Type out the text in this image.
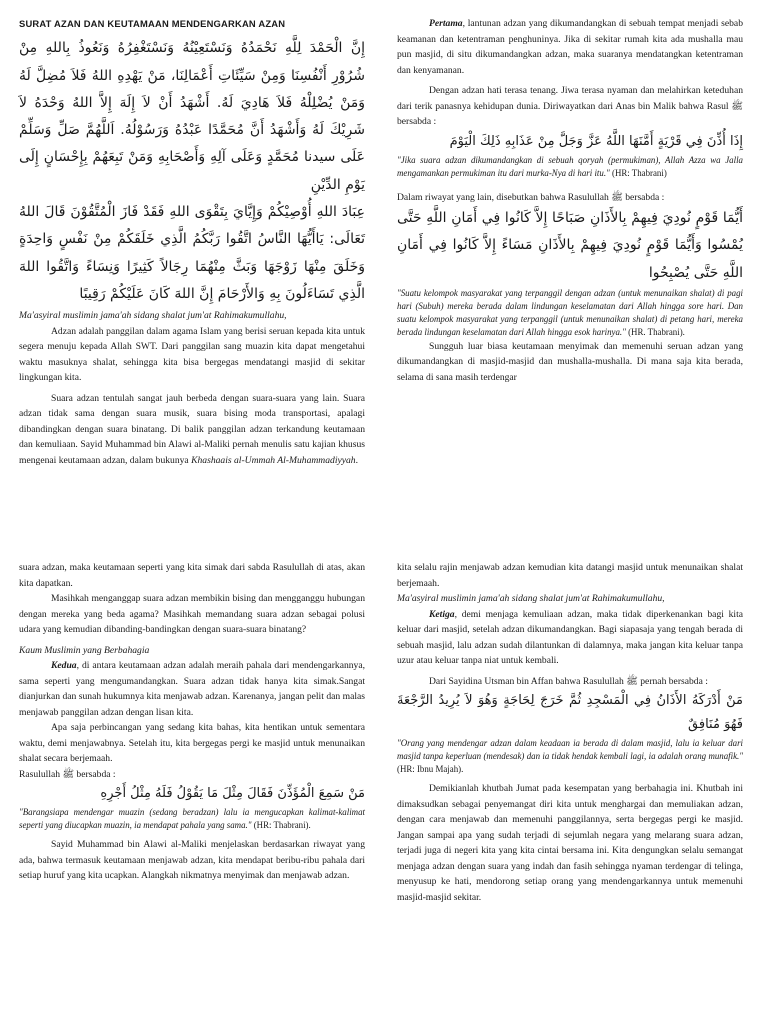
SURAT AZAN DAN KEUTAMAAN MENDENGARKAN AZAN

إِنَّ الْحَمْدَ لِلَّهِ نَحْمَدُهُ وَنَسْتَعِيْنُهُ وَنَسْتَغْفِرُهُ وَنَعُوذُ بِاللهِ مِنْ شُرُوْرِ أَنْفُسِنَا وَمِنْ سَيِّئَاتِ أَعْمَالِنَا، مَنْ يَهْدِهِ اللهُ فَلاَ مُضِلَّ لَهُ وَمَنْ يُضْلِلْهُ فَلاَ هَادِيَ لَهُ. أَشْهَدُ أَنْ لاَ إِلَهَ إِلاَّ اللهُ وَحْدَهُ لاَ شَرِيْكَ لَهُ وَأَشْهَدُ أَنَّ مُحَمَّدًا عَبْدُهُ وَرَسُوْلُهُ. اَللَّهُمَّ صَلِّ وَسَلِّمْ عَلَى سيدنا مُحَمَّدٍ وَعَلَى آلِهِ وَأَصْحَابِهِ وَمَنْ تَبِعَهُمْ بِإِحْسَانٍ إِلَى يَوْمِ الدِّيْنِ

عِبَادَ اللهِ أُوْصِيْكُمْ وَإِيَّايَ بِتَقْوَى اللهِ فَقَدْ فَازَ الْمُتَّقُوْنَ قَالَ اللهُ تَعَالَى: يَاأَيُّهَا النَّاسُ اتَّقُوا رَبَّكُمُ الَّذِي خَلَقَكُمْ مِنْ نَفْسٍ وَاحِدَةٍ وَخَلَقَ مِنْهَا زَوْجَهَا وَبَثَّ مِنْهُمَا رِجَالاً كَثِيرًا وَنِسَاءً وَاتَّقُوا اللهَ الَّذِي تَسَاءَلُونَ بِهِ وَالأَرْحَامَ إِنَّ اللهَ كَانَ عَلَيْكُمْ رَقِيبًا

Ma'asyiral muslimin jama'ah sidang shalat jum'at Rahimakumullahu,

Adzan adalah panggilan dalam agama Islam yang berisi seruan kepada kita untuk segera menuju kepada Allah SWT. Dari panggilan sang muazin kita dapat mengetahui waktu masuknya shalat, sehingga kita bisa bergegas mendatangi masjid di sekitar lingkungan kita.

Suara adzan tentulah sangat jauh berbeda dengan suara-suara yang lain. Suara adzan tidak sama dengan suara musik, suara bising moda transportasi, apalagi dibandingkan dengan suara binatang. Di balik panggilan adzan terkandung keutamaan dan kemuliaan. Sayid Muhammad bin Alawi al-Maliki pernah menulis satu kajian khusus mengenai keutamaan adzan, dalam bukunya Khashaais al-Ummah Al-Muhammadiyyah.

Pertama, lantunan adzan yang dikumandangkan di sebuah tempat menjadi sebab keamanan dan ketentraman penghuninya. Jika di sekitar rumah kita ada mushalla mau pun masjid, di situ dikumandangkan adzan, maka suaranya mendatangkan ketentraman dan kenyamanan.

Dengan adzan hati terasa tenang. Jiwa terasa nyaman dan melahirkan keteduhan dari terik panasnya kehidupan dunia. Diriwayatkan dari Anas bin Malik bahwa Rasul ﷺ bersabda :

إِذَا أُذِّنَ فِي قَرْيَةٍ أَمَّنَهَا اللَّهُ عَزَّ وَجَلَّ مِنْ عَذَابِهِ ذَلِكَ الْيَوْمَ

"Jika suara adzan dikumandangkan di sebuah qoryah (permukiman), Allah Azza wa Jalla mengamankan permukiman itu dari murka-Nya di hari itu." (HR: Thabrani)

Dalam riwayat yang lain, disebutkan bahwa Rasulullah ﷺ bersabda :

أَيُّمَا قَوْمٍ نُودِيَ فِيهِمْ بِالأَذَانِ صَبَاحًا إِلاَّ كَانُوا فِي أَمَانِ اللَّهِ حَتَّى يُمْسُوا وَأَيُّمَا قَوْمٍ نُودِيَ فِيهِمْ بِالأَذَانِ مَسَاءً إِلاَّ كَانُوا فِي أَمَانِ اللَّهِ حَتَّى يُصْبِحُوا

"Suatu kelompok masyarakat yang terpanggil dengan adzan (untuk menunaikan shalat) di pagi hari (Subuh) mereka berada dalam lindungan keselamatan dari Allah hingga sore hari. Dan suatu kelompok masyarakat yang terpanggil (untuk menunaikan shalat) di petang hari, mereka berada lindungan keselamatan dari Allah hingga esok harinya." (HR. Thabrani).

Sungguh luar biasa keutamaan menyimak dan memenuhi seruan adzan yang dikumandangkan di masjid-masjid dan mushalla-mushalla. Di mana saja kita berada, selama di sana masih terdengar

suara adzan, maka keutamaan seperti yang kita simak dari sabda Rasulullah di atas, akan kita dapatkan.

Masihkah menganggap suara adzan membikin bising dan mengganggu hubungan dengan mereka yang beda agama? Masihkah memandang suara adzan sebagai polusi udara yang kemudian dibanding-bandingkan dengan suara-suara binatang?

Kaum Muslimin yang Berbahagia

Kedua, di antara keutamaan adzan adalah meraih pahala dari mendengarkannya, sama seperti yang mengumandangkan. Suara adzan tidak hanya kita simak.Sangat dianjurkan dan sunah hukumnya kita menjawab adzan. Karenanya, jangan pelit dan malas menjawab panggilan adzan dengan lisan kita.

Apa saja perbincangan yang sedang kita bahas, kita hentikan untuk sementara waktu, demi menjawabnya. Setelah itu, kita bergegas pergi ke masjid untuk menunaikan shalat secara berjemaah.

Rasulullah ﷺ bersabda :

مَنْ سَمِعَ الْمُؤَذِّنَ فَقَالَ مِثْلَ مَا يَقُوْلُ فَلَهُ مِثْلُ أَجْرِهِ

"Barangsiapa mendengar muazin (sedang beradzan) lalu ia mengucapkan kalimat-kalimat seperti yang diucapkan muazin, ia mendapat pahala yang sama." (HR: Thabrani).

Sayid Muhammad bin Alawi al-Maliki menjelaskan berdasarkan riwayat yang ada, bahwa termasuk keutamaan menjawab adzan, kita mendapat beribu-ribu pahala dari setiap huruf yang kita ucapkan. Alangkah nikmatnya menyimak dan menjawab adzan.

kita selalu rajin menjawab adzan kemudian kita datangi masjid untuk menunaikan shalat berjemaah.

Ma'asyiral muslimin jama'ah sidang shalat jum'at Rahimakumullahu,

Ketiga, demi menjaga kemuliaan adzan, maka tidak diperkenankan bagi kita keluar dari masjid, setelah adzan dikumandangkan. Bagi siapasaja yang tengah berada di sebuah masjid, lalu adzan sudah dilantunkan di dalamnya, maka jangan kita keluar tanpa uzur atau keluar tanpa niat untuk kembali.

Dari Sayidina Utsman bin Affan bahwa Rasulullah ﷺ pernah bersabda :

مَنْ أَدْرَكَهُ الأَذَانُ فِي الْمَسْجِدِ ثُمَّ خَرَجَ لِحَاجَةٍ وَهُوَ لاَ يُرِيدُ الرَّجْعَةَ فَهُوَ مُنَافِقٌ

"Orang yang mendengar adzan dalam keadaan ia berada di dalam masjid, lalu ia keluar dari masjid tanpa keperluan (mendesak) dan ia tidak hendak kembali lagi, ia adalah orang munafik." (HR: Ibnu Majah).

Demikianlah khutbah Jumat pada kesempatan yang berbahagia ini. Khutbah ini dimaksudkan sebagai penyemangat diri kita untuk menghargai dan memuliakan adzan, dengan cara menjawab dan memenuhi panggilannya, serta bergegas pergi ke masjid. Jangan sampai apa yang sudah terjadi di sejumlah negara yang melarang suara adzan, terjadi juga di negeri kita yang kita cintai bersama ini. Kita dengungkan selalu semangat menjaga adzan dengan suara yang indah dan fasih sehingga nyaman terdengar di telinga, menyusup ke hati, mendorong setiap orang yang mendengarkannya untuk memenuhi masjid-masjid sekitar.
